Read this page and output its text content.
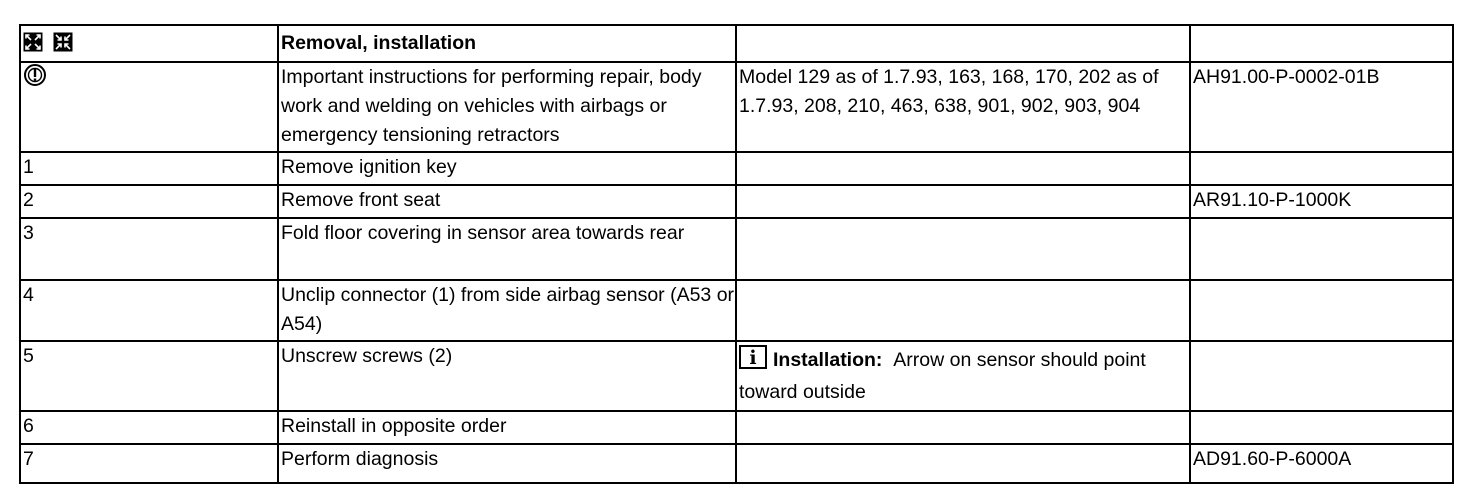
	Removal, installation		
	Important instructions for performing repair, body work and welding on vehicles with airbags or emergency tensioning retractors	Model 129 as of 1.7.93, 163, 168, 170, 202 as of 1.7.93, 208, 210, 463, 638, 901, 902, 903, 904	AH91.00-P-0002-01B
1	Remove ignition key		
2	Remove front seat		AR91.10-P-1000K
3	Fold floor covering in sensor area towards rear		
4	Unclip connector (1) from side airbag sensor (A53 or A54)		
5	Unscrew screws (2)	i Installation: Arrow on sensor should point toward outside	
6	Reinstall in opposite order		
7	Perform diagnosis		AD91.60-P-6000A
